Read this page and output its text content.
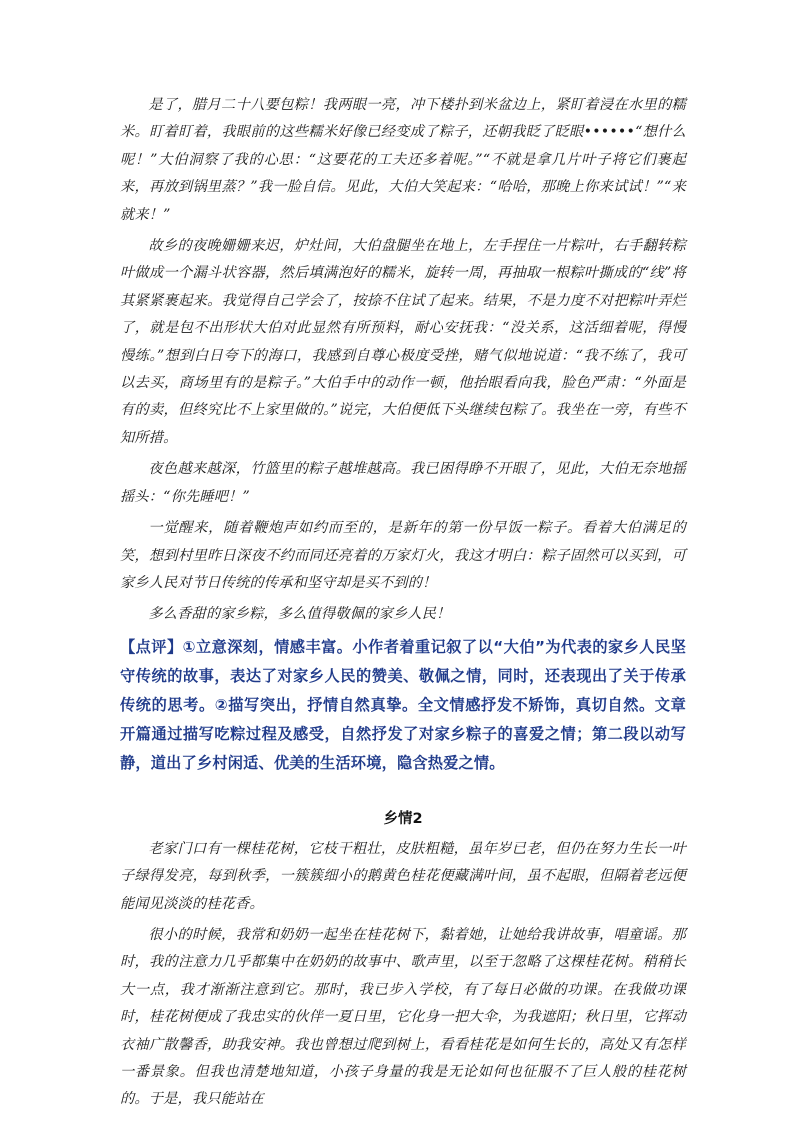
是了，腊月二十八要包粽！我两眼一亮，冲下楼扑到米盆边上，紧盯着浸在水里的糯米。盯着盯着，我眼前的这些糯米好像已经变成了粽子，还朝我眨了眨眼••••••“想什么呢！”大伯洞察了我的心思：“这要花的工夫还多着呢。”“不就是拿几片叶子将它们裹起来，再放到锅里蒸？”我一脸自信。见此，大伯大笑起来：“哈哈，那晚上你来试试！”“来就来！”

故乡的夜晚姗姗来迟，炉灶间，大伯盘腿坐在地上，左手捏住一片粽叶，右手翻转粽叶做成一个漏斗状容器，然后填满泡好的糯米，旋转一周，再抽取一根粽叶撕成的“线”将其紧紧裹起来。我觉得自己学会了，按捺不住试了起来。结果，不是力度不对把粽叶弄烂了，就是包不出形状大伯对此显然有所预料，耐心安抚我：“没关系，这活细着呢，得慢慢练。”想到白日夸下的海口，我感到自尊心极度受挫，赌气似地说道：“我不练了，我可以去买，商场里有的是粽子。”大伯手中的动作一顿，他抬眼看向我，脸色严肃：“外面是有的卖，但终究比不上家里做的。”说完，大伯便低下头继续包粽了。我坐在一旁，有些不知所措。

夜色越来越深，竹篮里的粽子越堆越高。我已困得睁不开眼了，见此，大伯无奈地摇摇头：“你先睡吧！”

一觉醒来，随着鞭炮声如约而至的，是新年的第一份早饭一粽子。看着大伯满足的笑，想到村里昨日深夜不约而同还亮着的万家灯火，我这才明白：粽子固然可以买到，可家乡人民对节日传统的传承和坚守却是买不到的！

多么香甜的家乡粽，多么值得敬佩的家乡人民！

【点评】①立意深刻，情感丰富。小作者着重记叙了以“大伯”为代表的家乡人民坚守传统的故事，表达了对家乡人民的赞美、敬佩之情，同时，还表现出了关于传承传统的思考。②描写突出，抒情自然真挚。全文情感抒发不矫饰，真切自然。文章开篇通过描写吃粽过程及感受，自然抒发了对家乡粽子的喜爱之情；第二段以动写静，道出了乡村闲适、优美的生活环境，隐含热爱之情。
乡情2

老家门口有一棵桂花树，它枝干粗壮，皮肤粗糙，虽年岁已老，但仍在努力生长一叶子绿得发亮，每到秋季，一簇簇细小的鹅黄色桂花便藏满叶间，虽不起眼，但隔着老远便能闻见淡淡的桂花香。

很小的时候，我常和奶奶一起坐在桂花树下，黏着她，让她给我讲故事，唱童谣。那时，我的注意力几乎都集中在奶奶的故事中、歌声里，以至于忽略了这棵桂花树。稍稍长大一点，我才渐渐注意到它。那时，我已步入学校，有了每日必做的功课。在我做功课时，桂花树便成了我忠实的伙伴一夏日里，它化身一把大伞，为我遮阳；秋日里，它挥动衣袖广散馨香，助我安神。我也曾想过爬到树上，看看桂花是如何生长的，高处又有怎样一番景象。但我也清楚地知道，小孩子身量的我是无论如何也征服不了巨人般的桂花树的。于是，我只能站在
